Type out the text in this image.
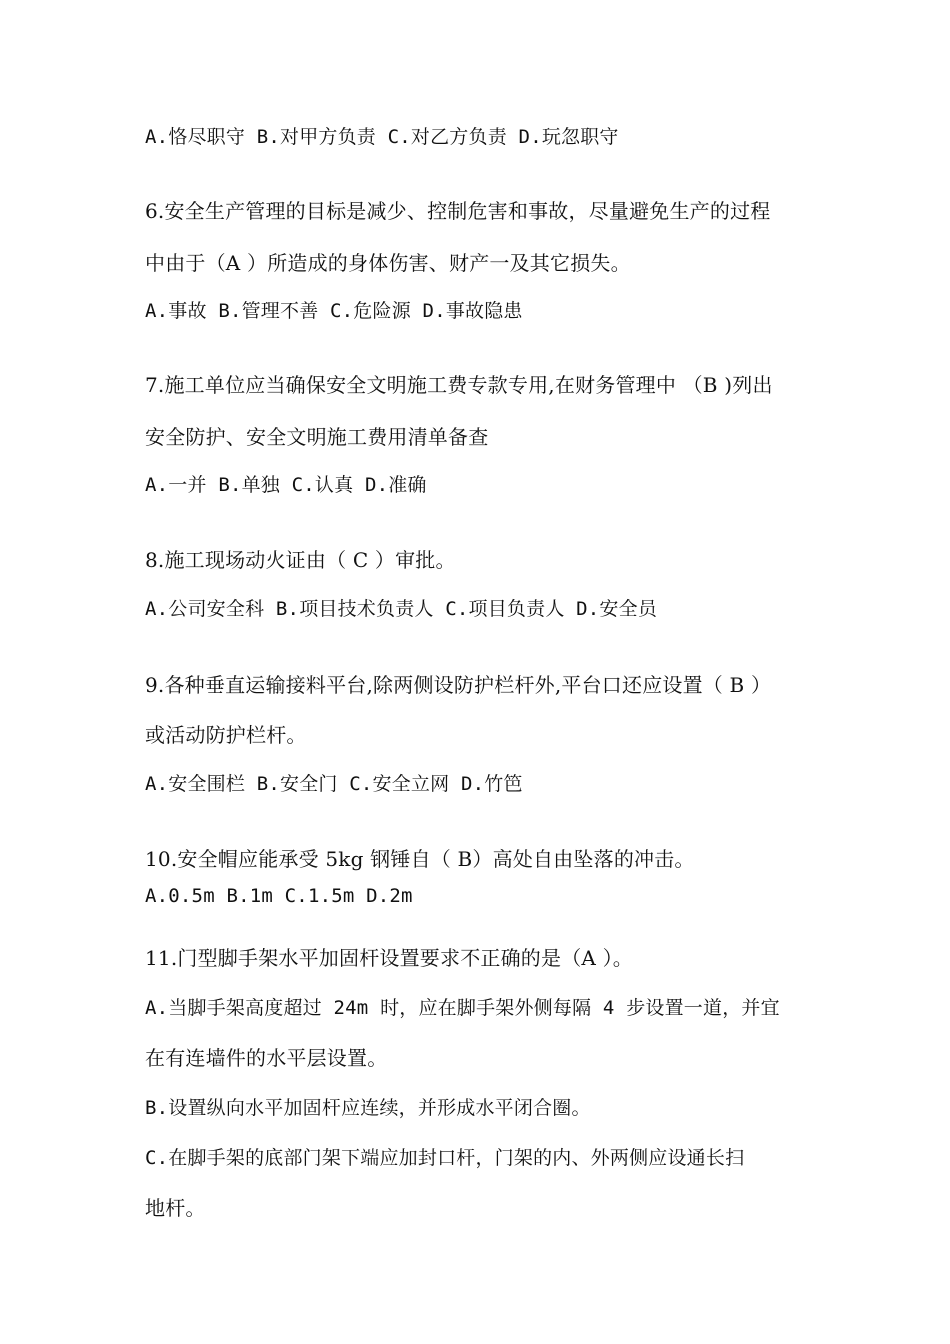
A.恪尽职守 B.对甲方负责 C.对乙方负责 D.玩忽职守
6.安全生产管理的目标是减少、控制危害和事故，尽量避免生产的过程
中由于（A ）所造成的身体伤害、财产一及其它损失。
A.事故 B.管理不善 C.危险源 D.事故隐患
7.施工单位应当确保安全文明施工费专款专用,在财务管理中 （B )列出
安全防护、安全文明施工费用清单备查
A.一并 B.单独 C.认真 D.准确
8.施工现场动火证由（ C ）审批。
A.公司安全科 B.项目技术负责人 C.项目负责人 D.安全员
9.各种垂直运输接料平台,除两侧设防护栏杆外,平台口还应设置（ B ）
或活动防护栏杆。
A.安全围栏 B.安全门 C.安全立网 D.竹笆
10.安全帽应能承受 5kg 钢锤自（ B）高处自由坠落的冲击。
A.0.5m B.1m C.1.5m D.2m
11.门型脚手架水平加固杆设置要求不正确的是（A ）。
A.当脚手架高度超过 24m 时，应在脚手架外侧每隔 4 步设置一道，并宜
在有连墙件的水平层设置。
B.设置纵向水平加固杆应连续，并形成水平闭合圈。
C.在脚手架的底部门架下端应加封口杆，门架的内、外两侧应设通长扫
地杆。
